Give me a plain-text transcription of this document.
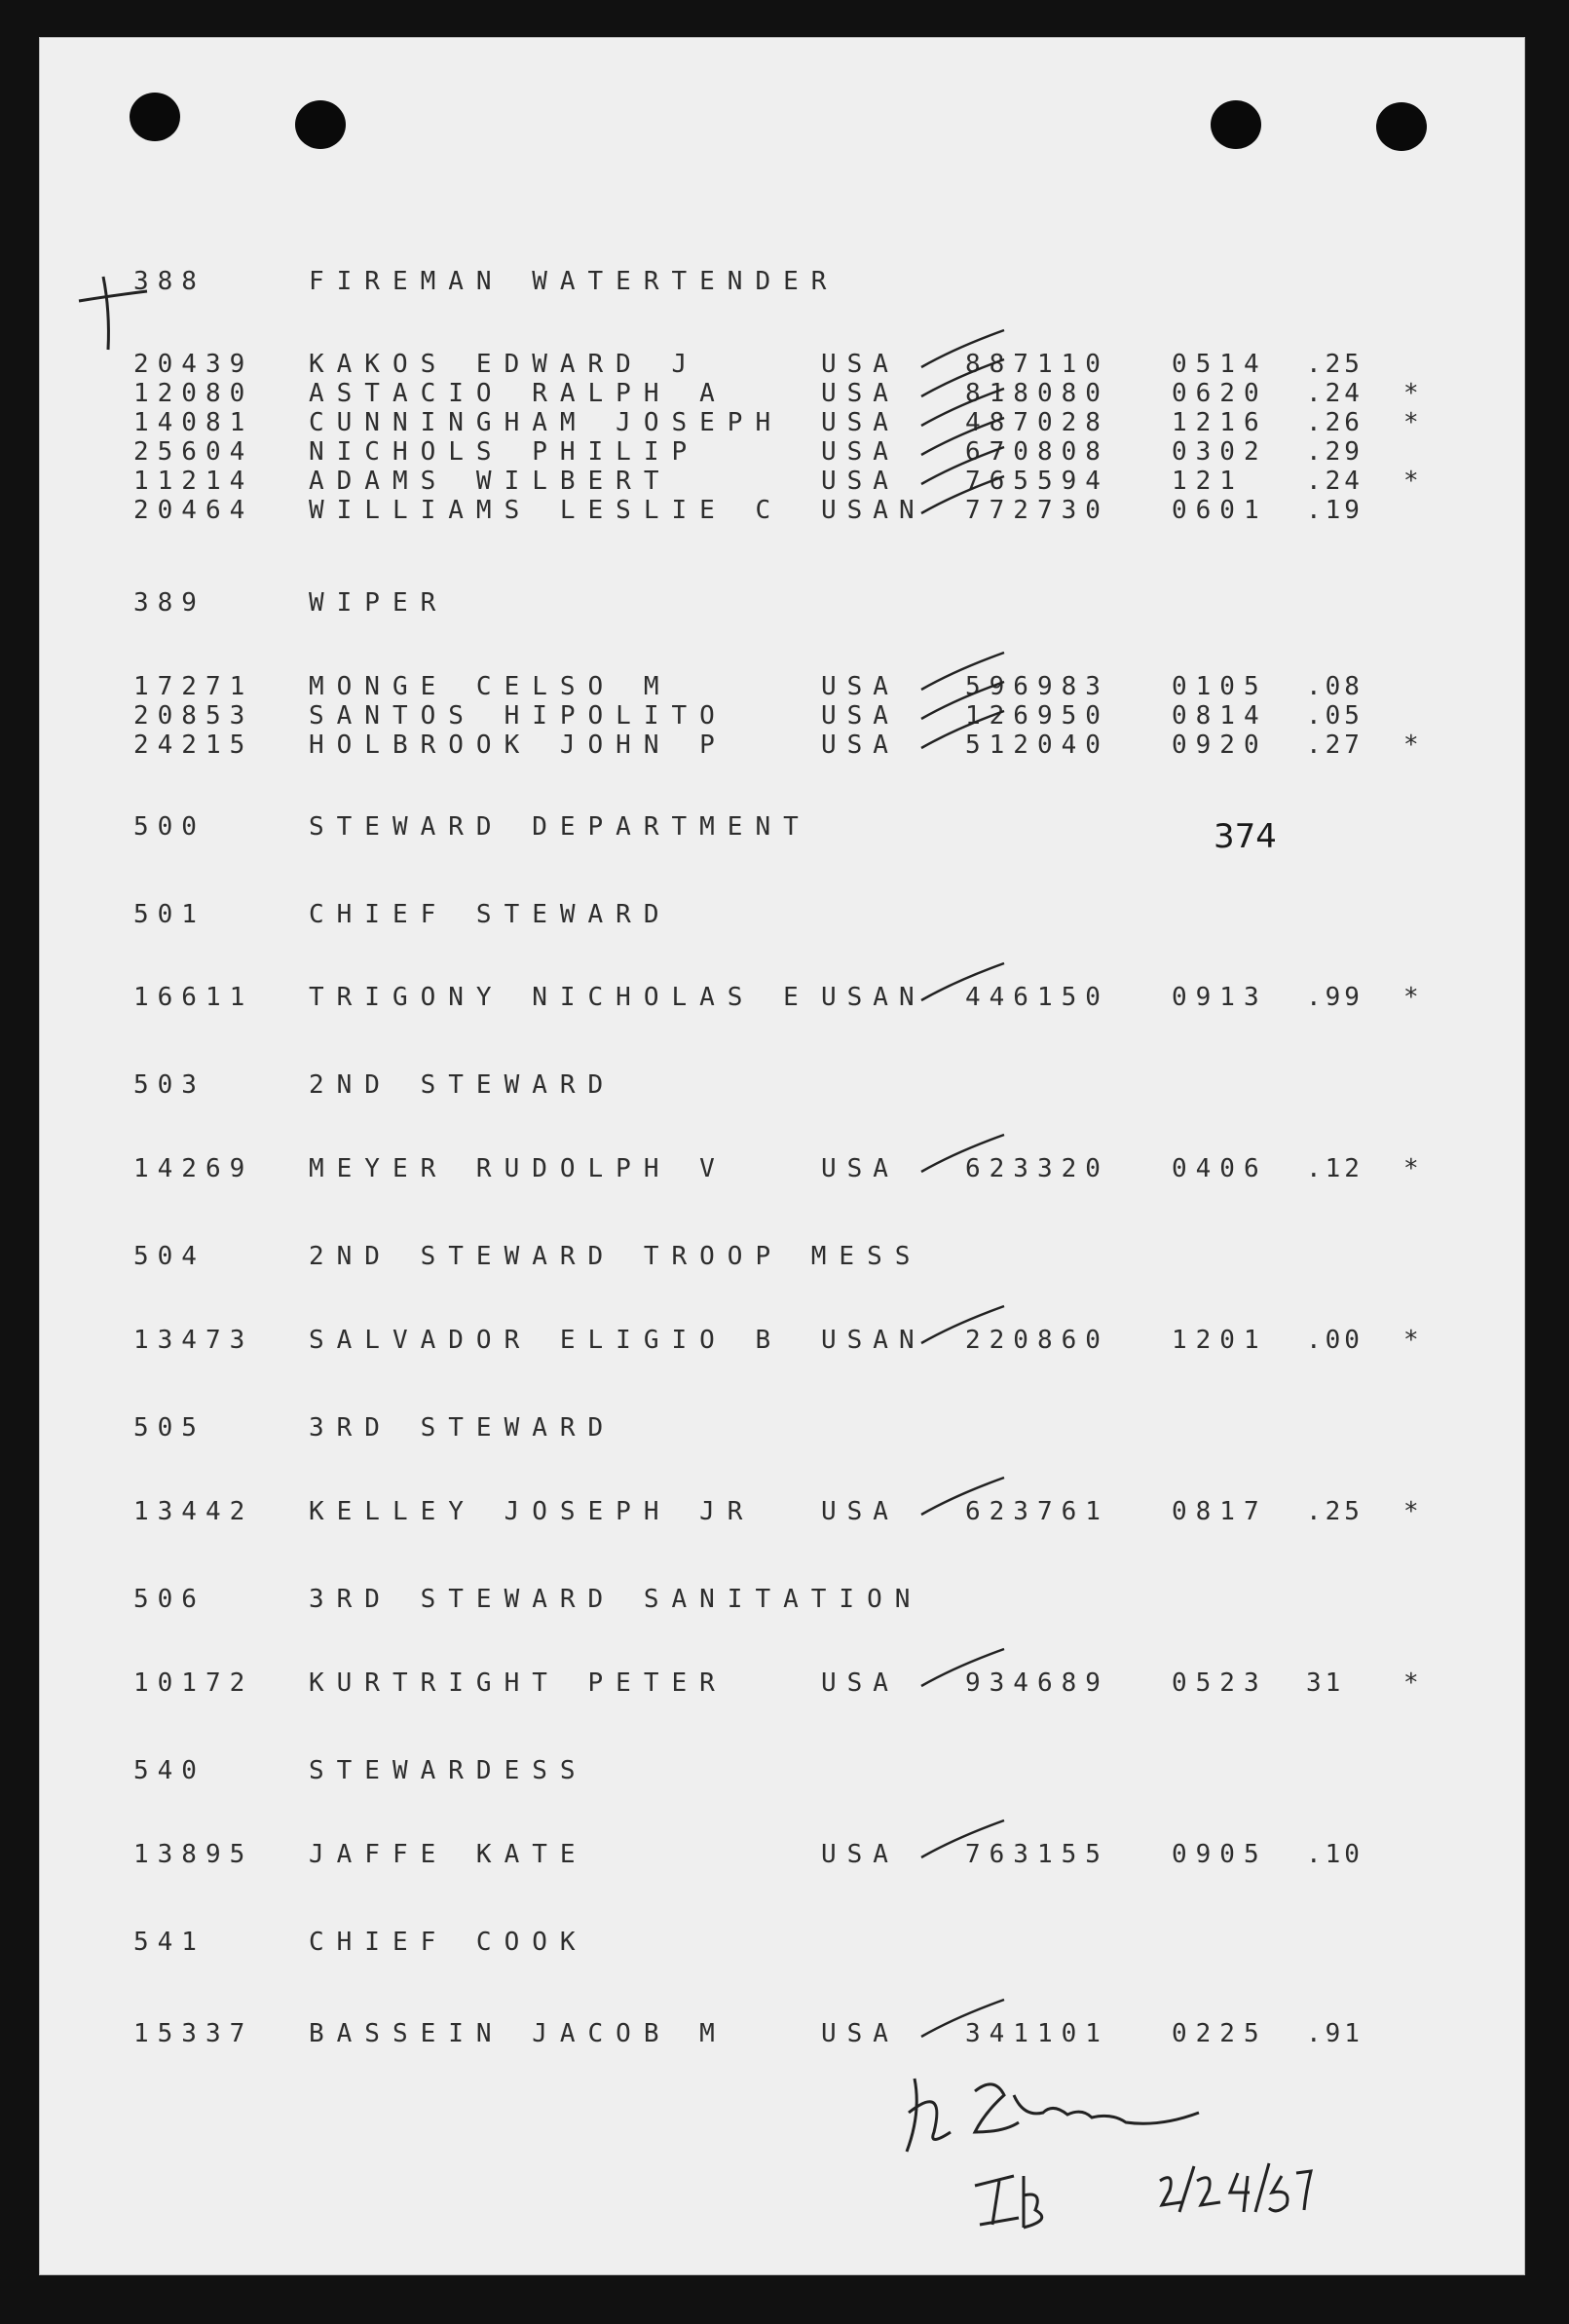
374
388	FIREMAN WATERTENDER
20439 KAKOS EDWARD J	USA	887110 0514 .25
12080 ASTACIO RALPH A	USA	818080 0620 .24 *
14081 CUNNINGHAM JOSEPH USA	487028 1216 .26 *
25604 NICHOLS PHILIP	USA	670808 0302 .29
11214 ADAMS WILBERT	USA	765594 121 .24 *
20464 WILLIAMS LESLIE C USAN 772730 0601 .19
389	WIPER
17271 MONGE CELSO M	USA	596983 0105 .08
20853 SANTOS HIPOLITO	USA	126950 0814 .05
24215 HOLBROOK JOHN P	USA	512040 0920 .27 *
500	STEWARD DEPARTMENT
501	CHIEF STEWARD
16611 TRIGONY NICHOLAS E USAN 446150 0913 .99 *
503	2ND STEWARD
14269 MEYER RUDOLPH V	USA	623320 0406 .12 *
504	2ND STEWARD TROOP MESS
13473 SALVADOR ELIGIO B USAN 220860 1201 .00 *
505	3RD STEWARD
13442 KELLEY JOSEPH JR	USA	623761 0817 .25 *
506	3RD STEWARD SANITATION
10172 KURTRIGHT PETER	USA	934689 0523 31 *
540	STEWARDESS
13895 JAFFE KATE	USA	763155 0905 .10
541	CHIEF COOK
15337 BASSEIN JACOB M	USA	341101 0225 .91
